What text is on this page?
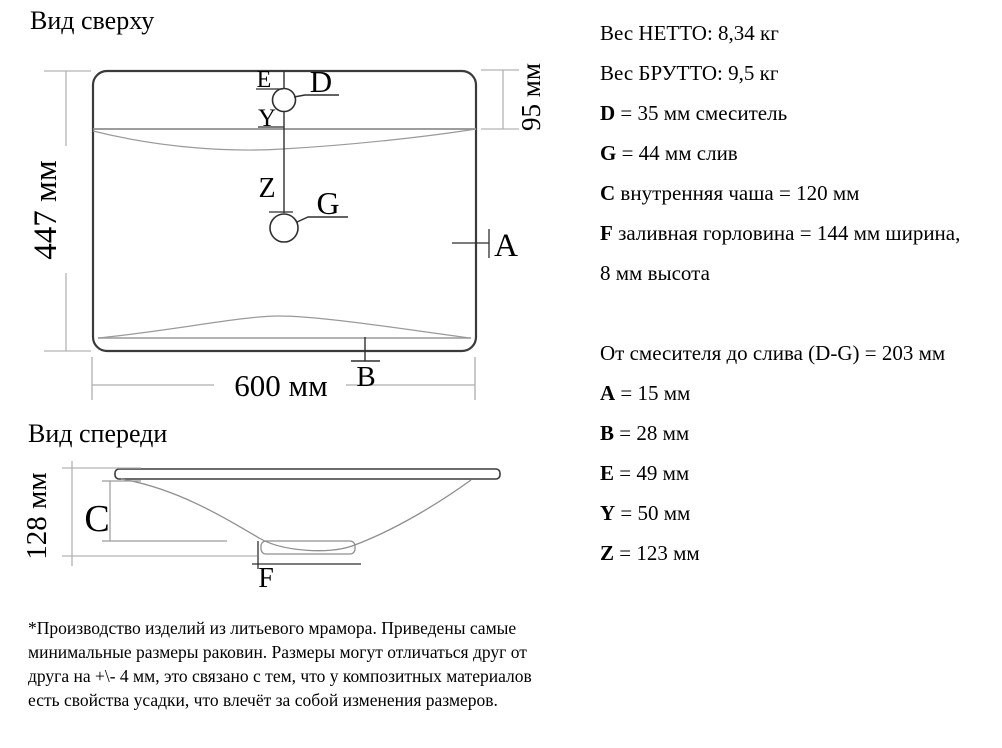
Вид сверху
Вид спереди
E
Y
Z
D
G
A
B
447 мм
600 мм
95 мм
C
F
128 мм
Вес НЕТТО: 8,34 кг
Вес БРУТТО: 9,5 кг
D = 35 мм смеситель
G = 44 мм слив
C внутренняя чаша = 120 мм
F заливная горловина = 144 мм ширина,
8 мм высота
От смесителя до слива (D-G) = 203 мм
A = 15 мм
B = 28 мм
E = 49 мм
Y = 50 мм
Z = 123 мм
*Производство изделий из литьевого мрамора. Приведены самые
минимальные размеры раковин. Размеры могут отличаться друг от
друга на +\- 4 мм, это связано с тем, что у композитных материалов
есть свойства усадки, что влечёт за собой изменения размеров.
